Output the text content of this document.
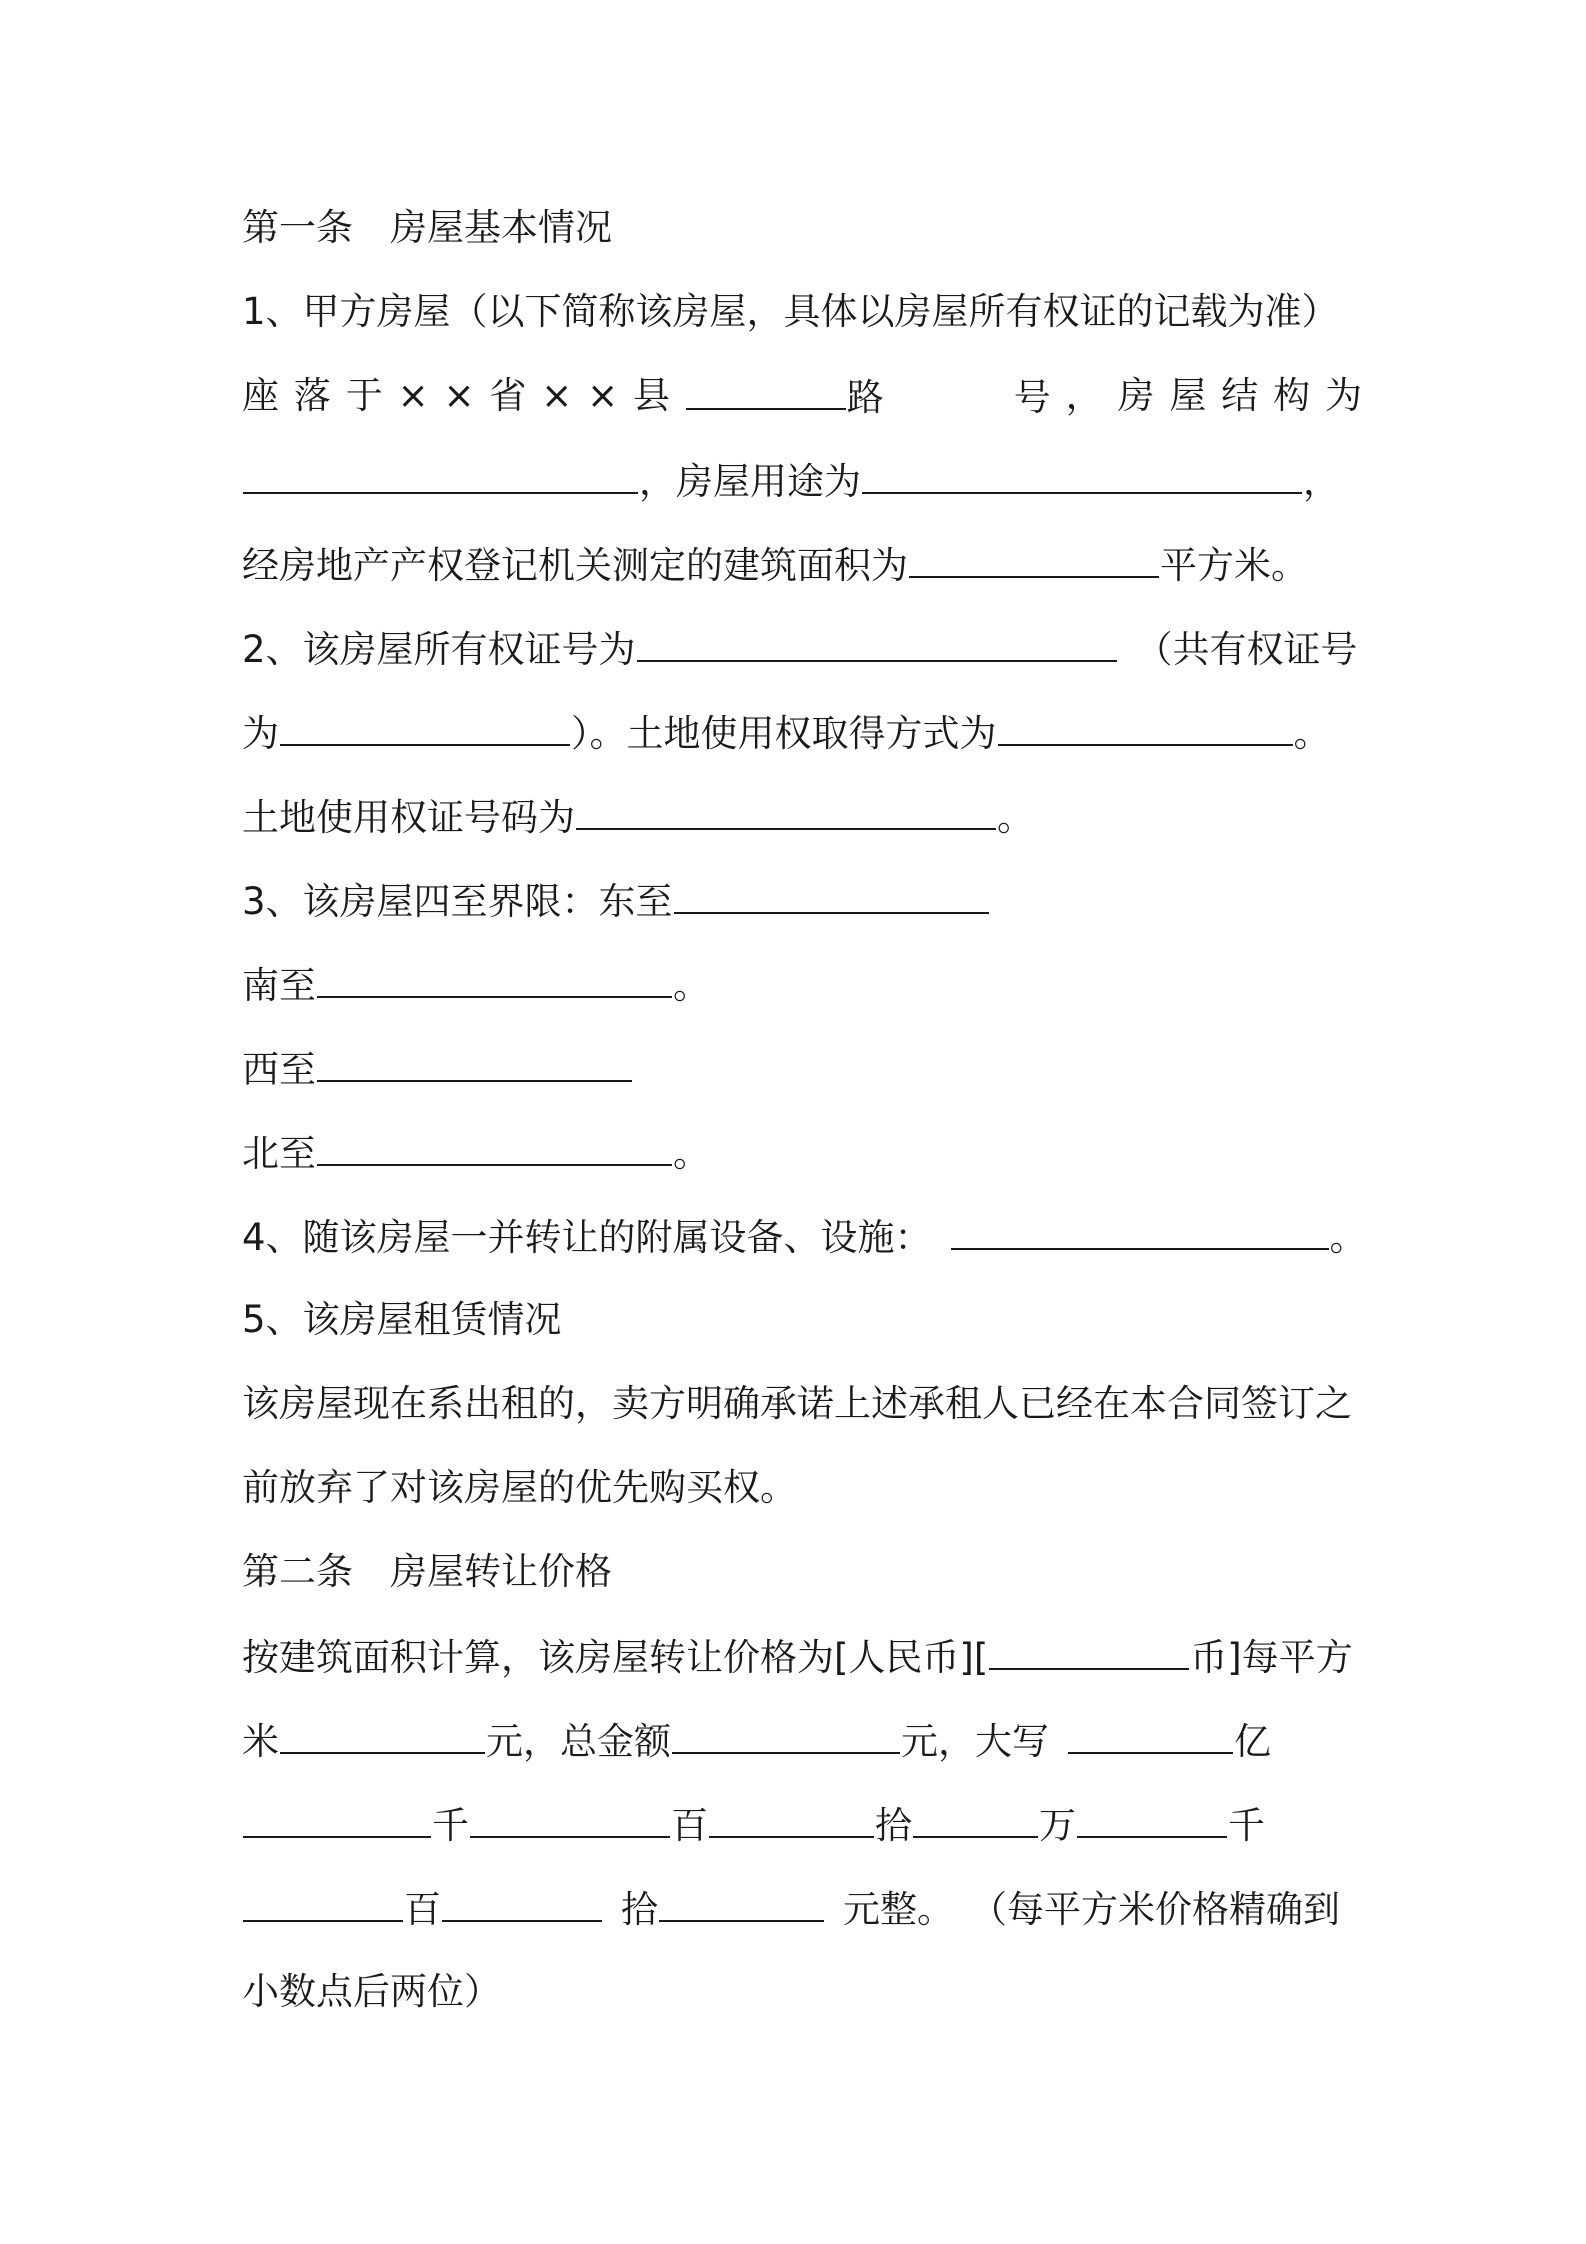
第一条　房屋基本情况
1、甲方房屋（以下简称该房屋，具体以房屋所有权证的记载为准）
座 落 于 × × 省 × × 县	路	号 ， 房 屋 结 构 为
，房屋用途为	，
经房地产产权登记机关测定的建筑面积为	平方米。
2、该房屋所有权证号为	（共有权证号
为	）。土地使用权取得方式为	。
土地使用权证号码为	。
3、该房屋四至界限：东至
南至	。
西至
北至	。
4、随该房屋一并转让的附属设备、设施：	。
5、该房屋租赁情况
该房屋现在系出租的，卖方明确承诺上述承租人已经在本合同签订之
前放弃了对该房屋的优先购买权。
第二条　房屋转让价格
按建筑面积计算，该房屋转让价格为[人民币][	币]每平方
米	元，总金额	元，大写	亿
千	百	拾	万	千
百	拾	元整。 （每平方米价格精确到
小数点后两位）
